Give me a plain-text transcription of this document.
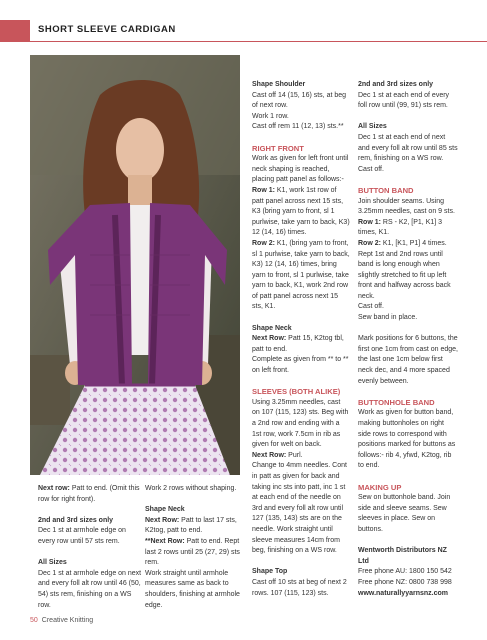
SHORT SLEEVE CARDIGAN

Next row: Patt to end. (Omit this row for right front).

2nd and 3rd sizes only

Dec 1 st at armhole edge on every row until 57 sts rem.

All Sizes

Dec 1 st at armhole edge on next and every foll alt row until 46 (50, 54) sts rem, finishing on a WS row.

Work 2 rows without shaping.

Shape Neck

Next Row: Patt to last 17 sts, K2tog, patt to end.

**Next Row: Patt to end. Rept last 2 rows until 25 (27, 29) sts rem.

Work straight until armhole measures same as back to shoulders, finishing at armhole edge.

Shape Shoulder

Cast off 14 (15, 16) sts, at beg of next row.

Work 1 row.

Cast off rem 11 (12, 13) sts.**

RIGHT FRONT

Work as given for left front until neck shaping is reached, placing patt panel as follows:-

Row 1: K1, work 1st row of patt panel across next 15 sts, K3 (bring yarn to front, sl 1 purlwise, take yarn to back, K3) 12 (14, 16) times.

Row 2: K1, (bring yarn to front, sl 1 purlwise, take yarn to back, K3) 12 (14, 16) times, bring yarn to front, sl 1 purlwise, take yarn to back, K1, work 2nd row of patt panel across next 15 sts, K1.

Shape Neck

Next Row: Patt 15, K2tog tbl, patt to end.

Complete as given from ** to ** on left front.

SLEEVES (BOTH ALIKE)

Using 3.25mm needles, cast on 107 (115, 123) sts. Beg with a 2nd row and ending with a 1st row, work 7.5cm in rib as given for welt on back.

Next Row: Purl.

Change to 4mm needles. Cont in patt as given for back and taking inc sts into patt, inc 1 st at each end of the needle on 3rd and every foll alt row until 127 (135, 143) sts are on the needle. Work straight until sleeve measures 14cm from beg, finishing on a WS row.

Shape Top

Cast off 10 sts at beg of next 2 rows. 107 (115, 123) sts.

2nd and 3rd sizes only

Dec 1 st at each end of every foll row until (99, 91) sts rem.

All Sizes

Dec 1 st at each end of next and every foll alt row until 85 sts rem, finishing on a WS row. Cast off.

BUTTON BAND

Join shoulder seams. Using 3.25mm needles, cast on 9 sts.

Row 1: RS - K2, [P1, K1] 3 times, K1.

Row 2: K1, [K1, P1] 4 times. Rept 1st and 2nd rows until band is long enough when slightly stretched to fit up left front and halfway across back neck.

Cast off.

Sew band in place.

Mark positions for 6 buttons, the first one 1cm from cast on edge, the last one 1cm below first neck dec, and 4 more spaced evenly between.

BUTTONHOLE BAND

Work as given for button band, making buttonholes on right side rows to correspond with positions marked for buttons as follows:- rib 4, yfwd, K2tog, rib to end.

MAKING UP

Sew on buttonhole band. Join side and sleeve seams. Sew sleeves in place. Sew on buttons.

Wentworth Distributors NZ Ltd

Free phone AU: 1800 150 542

Free phone NZ: 0800 738 998

www.naturallyyarnsnz.com

50 Creative Knitting
